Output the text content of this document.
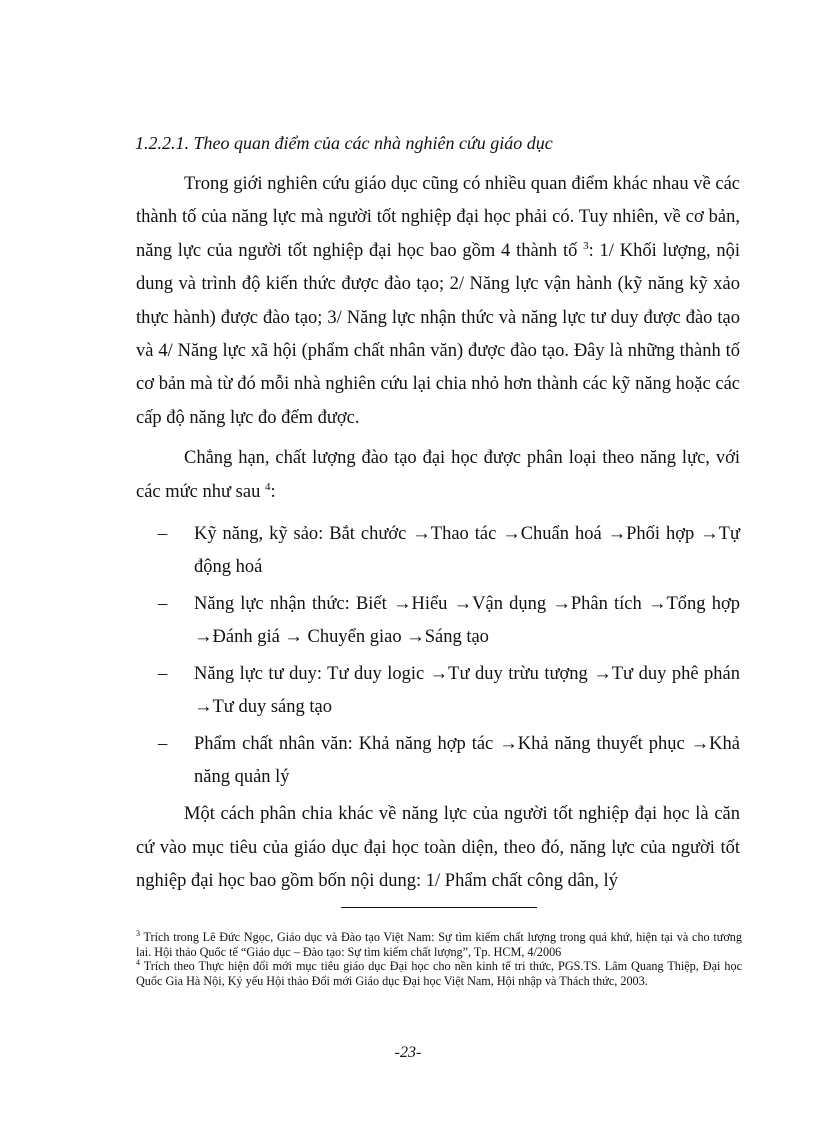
1.2.2.1. Theo quan điểm của các nhà nghiên cứu giáo dục

Trong giới nghiên cứu giáo dục cũng có nhiều quan điểm khác nhau về các thành tố của năng lực mà người tốt nghiệp đại học phải có. Tuy nhiên, về cơ bản, năng lực của người tốt nghiệp đại học bao gồm 4 thành tố $^3$: 1/ Khối lượng, nội dung và trình độ kiến thức được đào tạo; 2/ Năng lực vận hành (kỹ năng kỹ xảo thực hành) được đào tạo; 3/ Năng lực nhận thức và năng lực tư duy được đào tạo và 4/ Năng lực xã hội (phẩm chất nhân văn) được đào tạo. Đây là những thành tố cơ bản mà từ đó mỗi nhà nghiên cứu lại chia nhỏ hơn thành các kỹ năng hoặc các cấp độ năng lực đo đếm được.

Chẳng hạn, chất lượng đào tạo đại học được phân loại theo năng lực, với các mức như sau $^4$:

– Kỹ năng, kỹ sảo: Bắt chước →Thao tác →Chuẩn hoá →Phối hợp →Tự động hoá
– Năng lực nhận thức: Biết →Hiểu →Vận dụng →Phân tích →Tổng hợp →Đánh giá → Chuyển giao →Sáng tạo
– Năng lực tư duy: Tư duy logic →Tư duy trừu tượng →Tư duy phê phán →Tư duy sáng tạo
– Phẩm chất nhân văn: Khả năng hợp tác →Khả năng thuyết phục →Khả năng quản lý

Một cách phân chia khác về năng lực của người tốt nghiệp đại học là căn cứ vào mục tiêu của giáo dục đại học toàn diện, theo đó, năng lực của người tốt nghiệp đại học bao gồm bốn nội dung: 1/ Phẩm chất công dân, lý

$^3$ Trích trong Lê Đức Ngọc, Giáo dục và Đào tạo Việt Nam: Sự tìm kiếm chất lượng trong quá khứ, hiện tại và cho tương lai. Hội thảo Quốc tế “Giáo dục – Đào tạo: Sự tìm kiếm chất lượng”, Tp. HCM, 4/2006

$^4$ Trích theo Thực hiện đổi mới mục tiêu giáo dục Đại học cho nền kinh tế tri thức, PGS.TS. Lâm Quang Thiệp, Đại học Quốc Gia Hà Nội, Kỷ yếu Hội thảo Đổi mới Giáo dục Đại học Việt Nam, Hội nhập và Thách thức, 2003.

-23-
